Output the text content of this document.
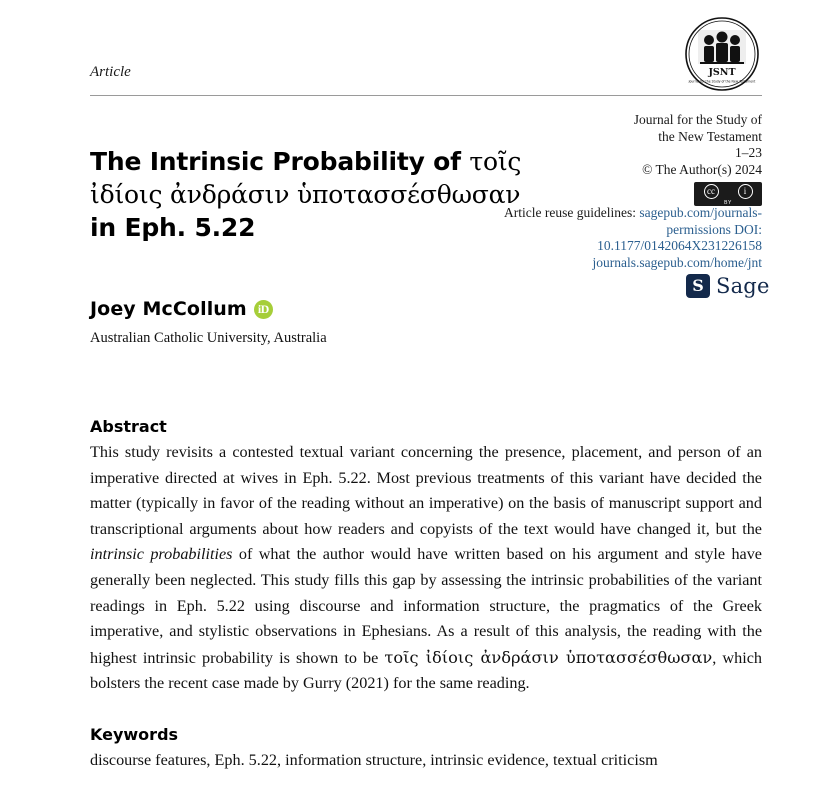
JSNT
Journal for the Study of the New Testament
Article
The Intrinsic Probability of τοῖς ἰδίοις ἀνδράσιν ὑποτασσέσθωσαν in Eph. 5.22
Joey McCollum iD
Australian Catholic University, Australia
Journal for the Study of
the New Testament
1–23
© The Author(s) 2024
cc	i
BY
Article reuse guidelines: sagepub.com/journals-permissions DOI: 10.1177/0142064X231226158 journals.sagepub.com/home/jnt
S Sage
Abstract
This study revisits a contested textual variant concerning the presence, placement, and person of an imperative directed at wives in Eph. 5.22. Most previous treatments of this variant have decided the matter (typically in favor of the reading without an imperative) on the basis of manuscript support and transcriptional arguments about how readers and copyists of the text would have changed it, but the intrinsic probabilities of what the author would have written based on his argument and style have generally been neglected. This study fills this gap by assessing the intrinsic probabilities of the variant readings in Eph. 5.22 using discourse and information structure, the pragmatics of the Greek imperative, and stylistic observations in Ephesians. As a result of this analysis, the reading with the highest intrinsic probability is shown to be τοῖς ἰδίοις ἀνδράσιν ὑποτασσέσθωσαν, which bolsters the recent case made by Gurry (2021) for the same reading.
Keywords
discourse features, Eph. 5.22, information structure, intrinsic evidence, textual criticism
